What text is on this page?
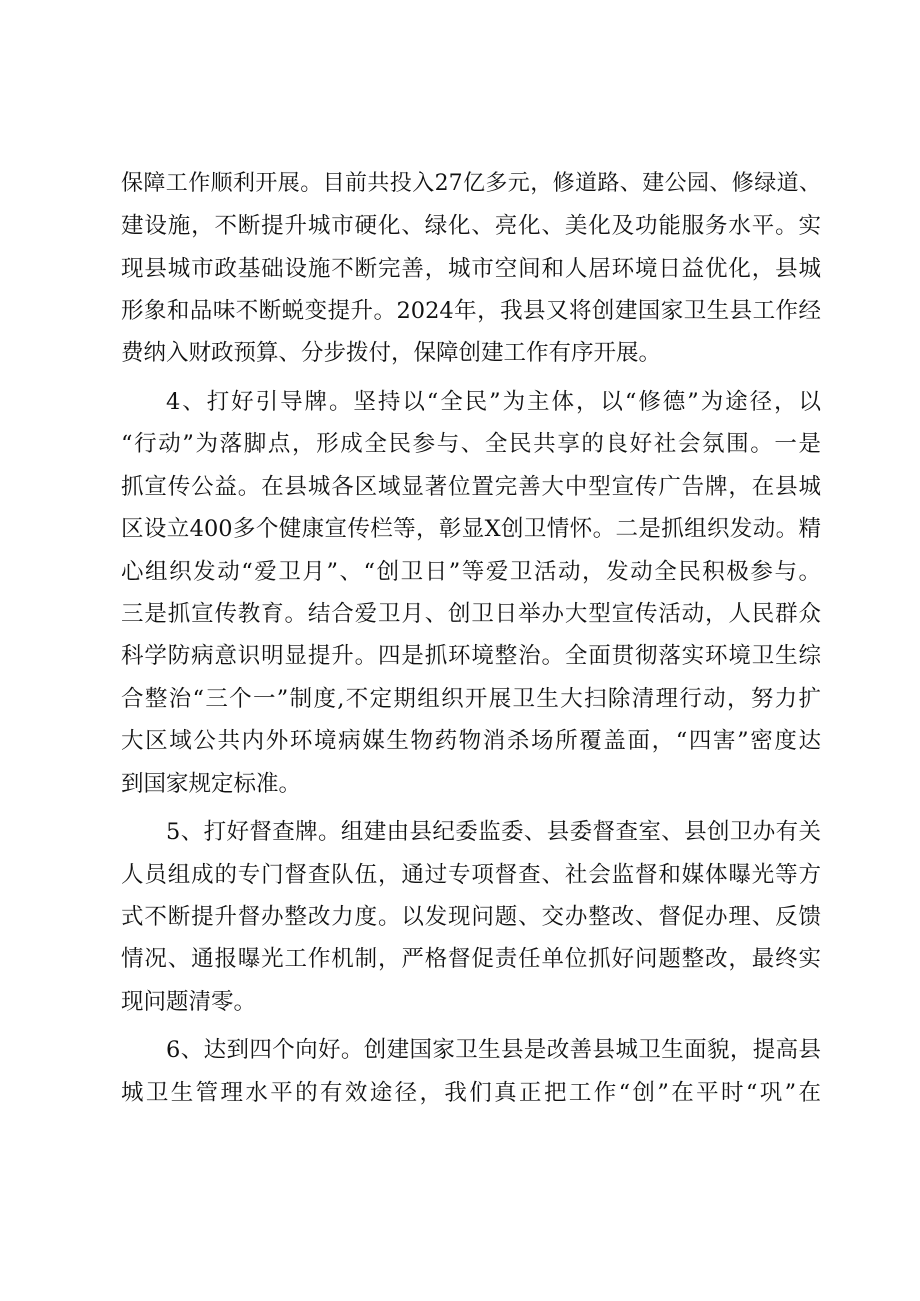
保障工作顺利开展。目前共投入27亿多元，修道路、建公园、修绿道、
建设施，不断提升城市硬化、绿化、亮化、美化及功能服务水平。实
现县城市政基础设施不断完善，城市空间和人居环境日益优化，县城
形象和品味不断蜕变提升。2024年，我县又将创建国家卫生县工作经
费纳入财政预算、分步拨付，保障创建工作有序开展。
4、打好引导牌。坚持以“全民”为主体，以“修德”为途径，以
“行动”为落脚点，形成全民参与、全民共享的良好社会氛围。一是
抓宣传公益。在县城各区域显著位置完善大中型宣传广告牌，在县城
区设立400多个健康宣传栏等，彰显X创卫情怀。二是抓组织发动。精
心组织发动“爱卫月”、“创卫日”等爱卫活动，发动全民积极参与。
三是抓宣传教育。结合爱卫月、创卫日举办大型宣传活动，人民群众
科学防病意识明显提升。四是抓环境整治。全面贯彻落实环境卫生综
合整治“三个一”制度,不定期组织开展卫生大扫除清理行动，努力扩
大区域公共内外环境病媒生物药物消杀场所覆盖面，“四害”密度达
到国家规定标准。
5、打好督查牌。组建由县纪委监委、县委督查室、县创卫办有关
人员组成的专门督查队伍，通过专项督查、社会监督和媒体曝光等方
式不断提升督办整改力度。以发现问题、交办整改、督促办理、反馈
情况、通报曝光工作机制，严格督促责任单位抓好问题整改，最终实
现问题清零。
6、达到四个向好。创建国家卫生县是改善县城卫生面貌，提高县
城卫生管理水平的有效途径，我们真正把工作“创”在平时“巩”在
